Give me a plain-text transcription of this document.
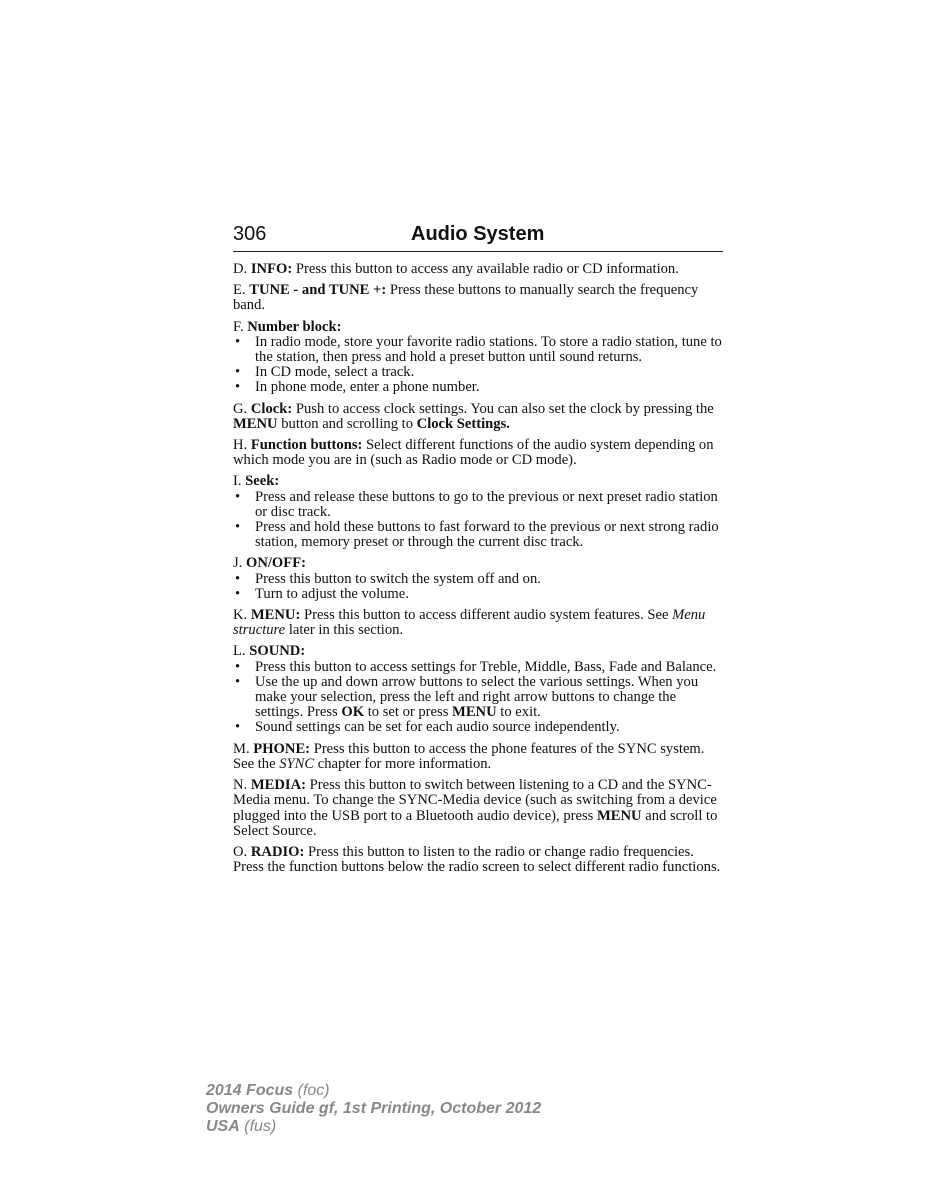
306	Audio System

D. INFO: Press this button to access any available radio or CD information.

E. TUNE - and TUNE +: Press these buttons to manually search the frequency band.

F. Number block:

• In radio mode, store your favorite radio stations. To store a radio station, tune to the station, then press and hold a preset button until sound returns.
• In CD mode, select a track.
• In phone mode, enter a phone number.

G. Clock: Push to access clock settings. You can also set the clock by pressing the MENU button and scrolling to Clock Settings.

H. Function buttons: Select different functions of the audio system depending on which mode you are in (such as Radio mode or CD mode).

I. Seek:

• Press and release these buttons to go to the previous or next preset radio station or disc track.
• Press and hold these buttons to fast forward to the previous or next strong radio station, memory preset or through the current disc track.

J. ON/OFF:

• Press this button to switch the system off and on.
• Turn to adjust the volume.

K. MENU: Press this button to access different audio system features. See Menu structure later in this section.

L. SOUND:

• Press this button to access settings for Treble, Middle, Bass, Fade and Balance.
• Use the up and down arrow buttons to select the various settings. When you make your selection, press the left and right arrow buttons to change the settings. Press OK to set or press MENU to exit.
• Sound settings can be set for each audio source independently.

M. PHONE: Press this button to access the phone features of the SYNC system. See the SYNC chapter for more information.

N. MEDIA: Press this button to switch between listening to a CD and the SYNC-Media menu. To change the SYNC-Media device (such as switching from a device plugged into the USB port to a Bluetooth audio device), press MENU and scroll to Select Source.

O. RADIO: Press this button to listen to the radio or change radio frequencies. Press the function buttons below the radio screen to select different radio functions.

2014 Focus (foc)
Owners Guide gf, 1st Printing, October 2012
USA (fus)
